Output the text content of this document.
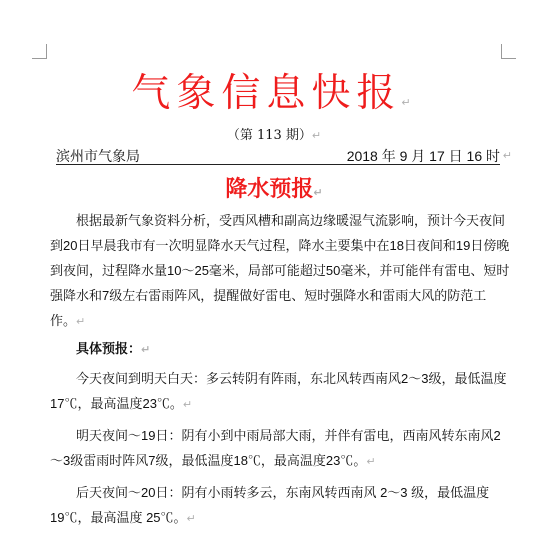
气象信息快报↵
（第 113 期）↵
滨州市气象局	2018 年 9 月 17 日 16 时 ↵
降水预报↵

根据最新气象资料分析，受西风槽和副高边缘暖湿气流影响，预计今天夜间到20日早晨我市有一次明显降水天气过程，降水主要集中在18日夜间和19日傍晚到夜间，过程降水量10～25毫米，局部可能超过50毫米，并可能伴有雷电、短时强降水和7级左右雷雨阵风，提醒做好雷电、短时强降水和雷雨大风的防范工作。↵

具体预报：↵

今天夜间到明天白天：多云转阴有阵雨，东北风转西南风2～3级，最低温度17℃，最高温度23℃。↵

明天夜间～19日：阴有小到中雨局部大雨，并伴有雷电，西南风转东南风2～3级雷雨时阵风7级，最低温度18℃，最高温度23℃。↵

后天夜间～20日：阴有小雨转多云，东南风转西南风 2～3 级，最低温度 19℃，最高温度 25℃。↵
